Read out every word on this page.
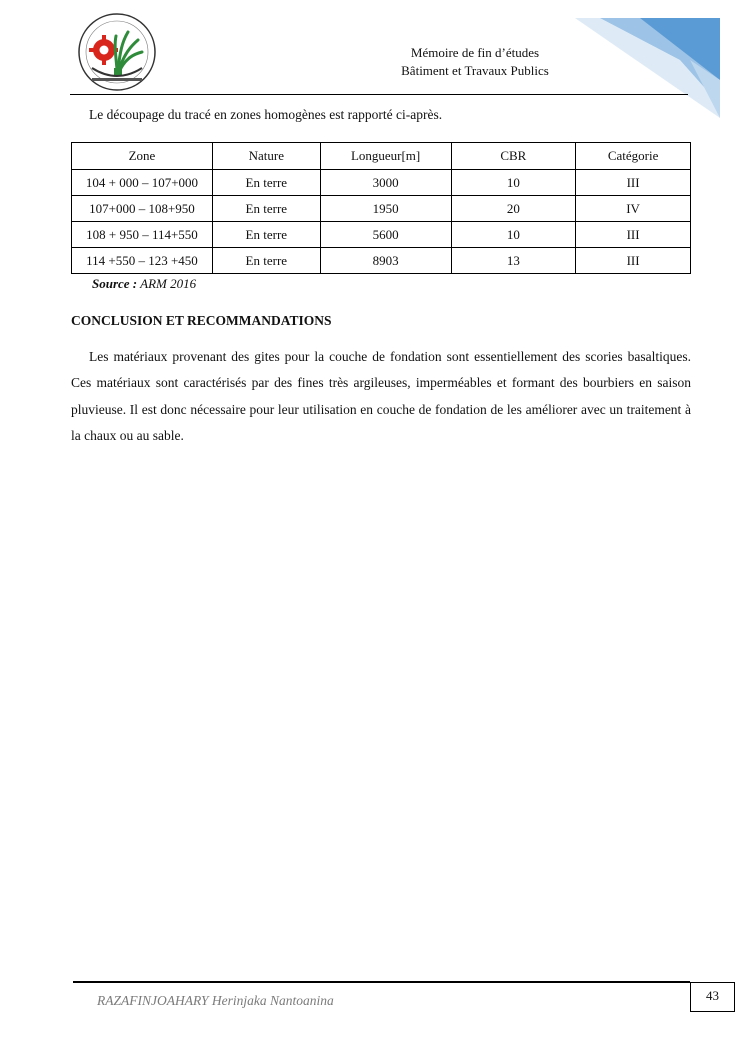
Mémoire de fin d’études
Bâtiment et Travaux Publics
Le découpage du tracé en zones homogènes est rapporté ci-après.
Zone	Nature	Longueur[m]	CBR	Catégorie
104 + 000 – 107+000	En terre	3000	10	III
107+000 – 108+950	En terre	1950	20	IV
108 + 950 – 114+550	En terre	5600	10	III
114 +550 – 123 +450	En terre	8903	13	III
Source : ARM 2016
CONCLUSION ET RECOMMANDATIONS

Les matériaux provenant des gites pour la couche de fondation sont essentiellement des scories basaltiques. Ces matériaux sont caractérisés par des fines très argileuses, imperméables et formant des bourbiers en saison pluvieuse. Il est donc nécessaire pour leur utilisation en couche de fondation de les améliorer avec un traitement à la chaux ou au sable.

RAZAFINJOAHARY Herinjaka Nantoanina	43
